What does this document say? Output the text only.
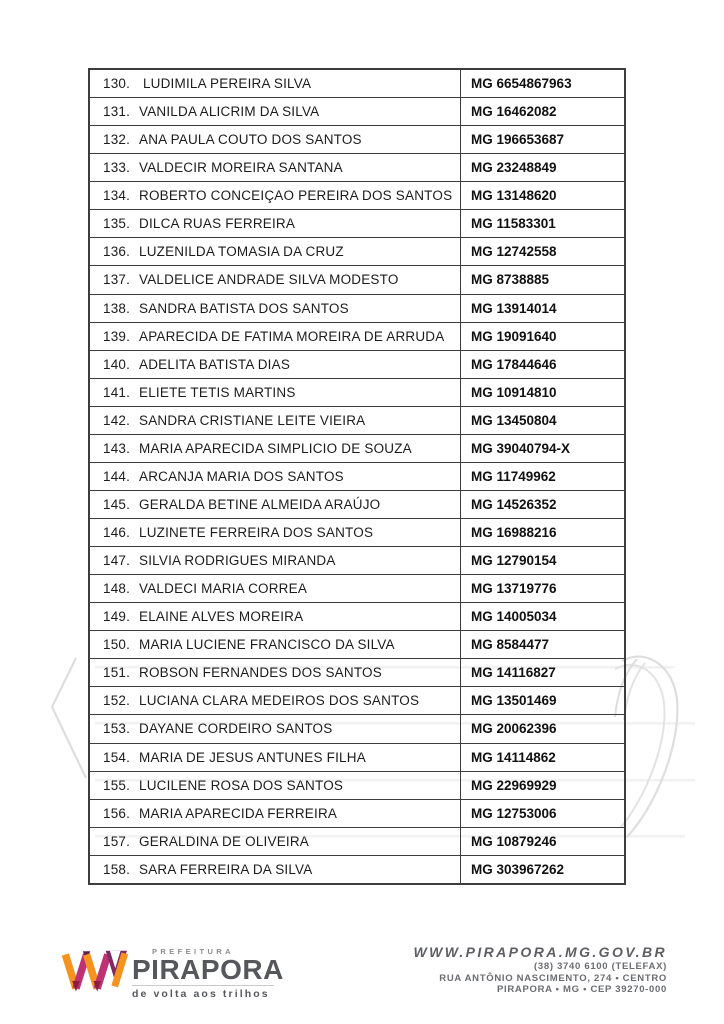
130. LUDIMILA PEREIRA SILVA	MG 6654867963
131. VANILDA ALICRIM DA SILVA	MG 16462082
132. ANA PAULA COUTO DOS SANTOS	MG 196653687
133. VALDECIR MOREIRA SANTANA	MG 23248849
134. ROBERTO CONCEIÇAO PEREIRA DOS SANTOS	MG 13148620
135. DILCA RUAS FERREIRA	MG 11583301
136. LUZENILDA TOMASIA DA CRUZ	MG 12742558
137. VALDELICE ANDRADE SILVA MODESTO	MG 8738885
138. SANDRA BATISTA DOS SANTOS	MG 13914014
139. APARECIDA DE FATIMA MOREIRA DE ARRUDA	MG 19091640
140. ADELITA BATISTA DIAS	MG 17844646
141. ELIETE TETIS MARTINS	MG 10914810
142. SANDRA CRISTIANE LEITE VIEIRA	MG 13450804
143. MARIA APARECIDA SIMPLICIO DE SOUZA	MG 39040794-X
144. ARCANJA MARIA DOS SANTOS	MG 11749962
145. GERALDA BETINE ALMEIDA ARAÚJO	MG 14526352
146. LUZINETE FERREIRA DOS SANTOS	MG 16988216
147. SILVIA RODRIGUES MIRANDA	MG 12790154
148. VALDECI MARIA CORREA	MG 13719776
149. ELAINE ALVES MOREIRA	MG 14005034
150. MARIA LUCIENE FRANCISCO DA SILVA	MG 8584477
151. ROBSON FERNANDES DOS SANTOS	MG 14116827
152. LUCIANA CLARA MEDEIROS DOS SANTOS	MG 13501469
153. DAYANE CORDEIRO SANTOS	MG 20062396
154. MARIA DE JESUS ANTUNES FILHA	MG 14114862
155. LUCILENE ROSA DOS SANTOS	MG 22969929
156. MARIA APARECIDA FERREIRA	MG 12753006
157. GERALDINA DE OLIVEIRA	MG 10879246
158. SARA FERREIRA DA SILVA	MG 303967262
PREFEITURA
PIRAPORA
de volta aos trilhos
WWW.PIRAPORA.MG.GOV.BR
(38) 3740 6100 (TELEFAX)
RUA ANTÔNIO NASCIMENTO, 274 • CENTRO
PIRAPORA • MG • CEP 39270-000
